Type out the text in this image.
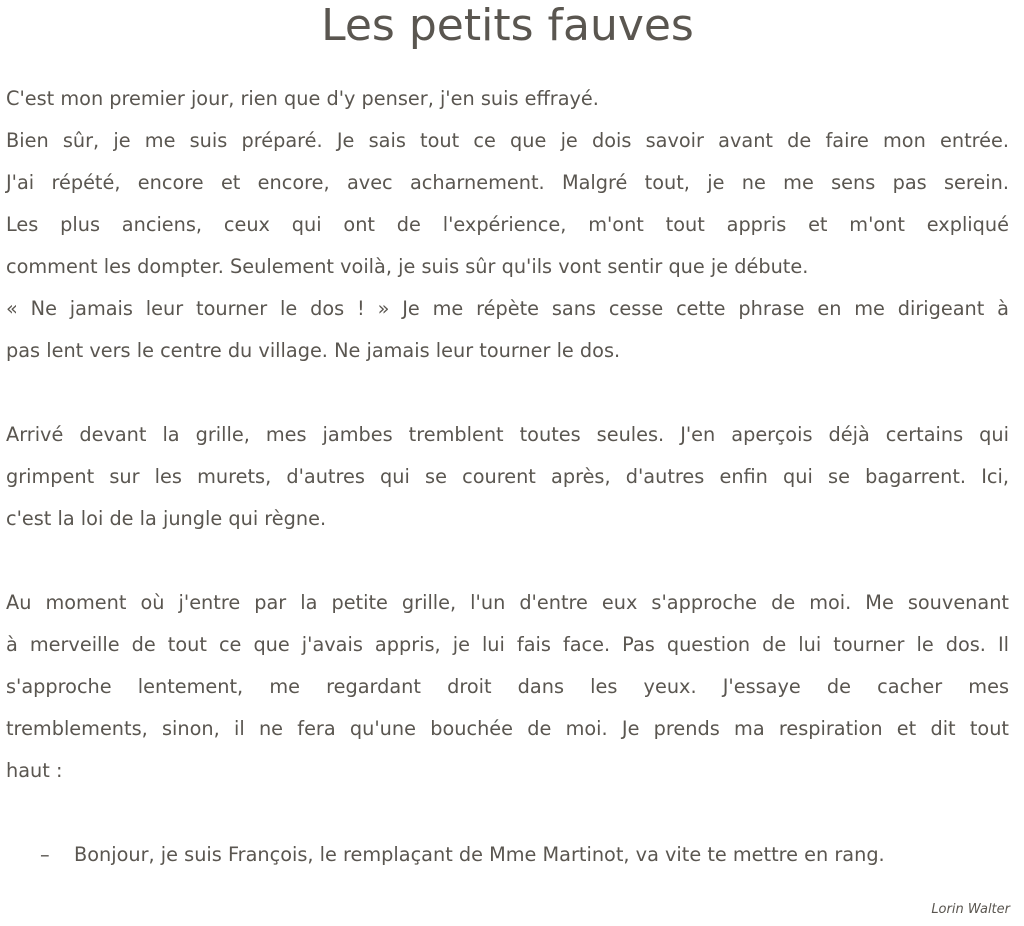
Les petits fauves

C'est mon premier jour, rien que d'y penser, j'en suis effrayé.
Bien sûr, je me suis préparé. Je sais tout ce que je dois savoir avant de faire mon entrée.
J'ai répété, encore et encore, avec acharnement. Malgré tout, je ne me sens pas serein.
Les plus anciens, ceux qui ont de l'expérience, m'ont tout appris et m'ont expliqué
comment les dompter. Seulement voilà, je suis sûr qu'ils vont sentir que je débute.
« Ne jamais leur tourner le dos ! » Je me répète sans cesse cette phrase en me dirigeant à
pas lent vers le centre du village. Ne jamais leur tourner le dos.

Arrivé devant la grille, mes jambes tremblent toutes seules. J'en aperçois déjà certains qui
grimpent sur les murets, d'autres qui se courent après, d'autres enfin qui se bagarrent. Ici,
c'est la loi de la jungle qui règne.

Au moment où j'entre par la petite grille, l'un d'entre eux s'approche de moi. Me souvenant
à merveille de tout ce que j'avais appris, je lui fais face. Pas question de lui tourner le dos. Il
s'approche lentement, me regardant droit dans les yeux. J'essaye de cacher mes
tremblements, sinon, il ne fera qu'une bouchée de moi. Je prends ma respiration et dit tout
haut :

–	Bonjour, je suis François, le remplaçant de Mme Martinot, va vite te mettre en rang.

Lorin Walter
